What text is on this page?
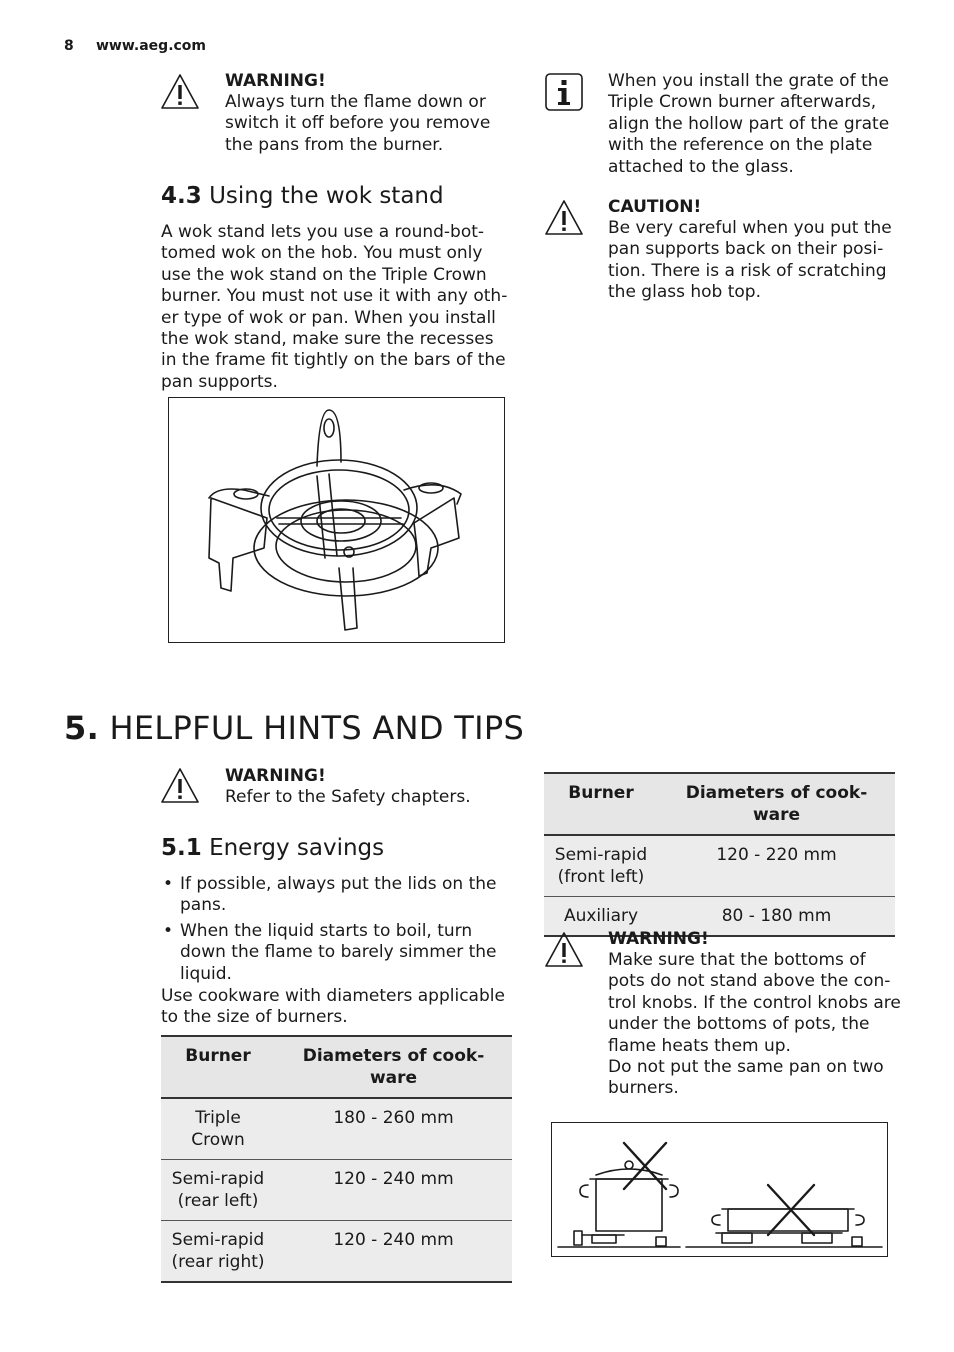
8 www.aeg.com

WARNING!

Always turn the flame down or switch it off before you remove the pans from the burner.

4.3 Using the wok stand

A wok stand lets you use a round-bot-tomed wok on the hob. You must only use the wok stand on the Triple Crown burner. You must not use it with any oth-er type of wok or pan. When you install the wok stand, make sure the recesses in the frame fit tightly on the bars of the pan supports.

When you install the grate of the Triple Crown burner afterwards, align the hollow part of the grate with the reference on the plate attached to the glass.

CAUTION!

Be very careful when you put the pan supports back on their posi-tion. There is a risk of scratching the glass hob top.

5. HELPFUL HINTS AND TIPS

WARNING!

Refer to the Safety chapters.

5.1 Energy savings
• If possible, always put the lids on the pans.
• When the liquid starts to boil, turn down the flame to barely simmer the liquid.

Use cookware with diameters applicable to the size of burners.

Burner	Diameters of cook-ware
Triple Crown	180 - 260 mm
Semi-rapid (rear left)	120 - 240 mm
Semi-rapid (rear right)	120 - 240 mm
Burner	Diameters of cook-ware
Semi-rapid (front left)	120 - 220 mm
Auxiliary	80 - 180 mm

WARNING!

Make sure that the bottoms of pots do not stand above the con-trol knobs. If the control knobs are under the bottoms of pots, the flame heats them up.

Do not put the same pan on two burners.
